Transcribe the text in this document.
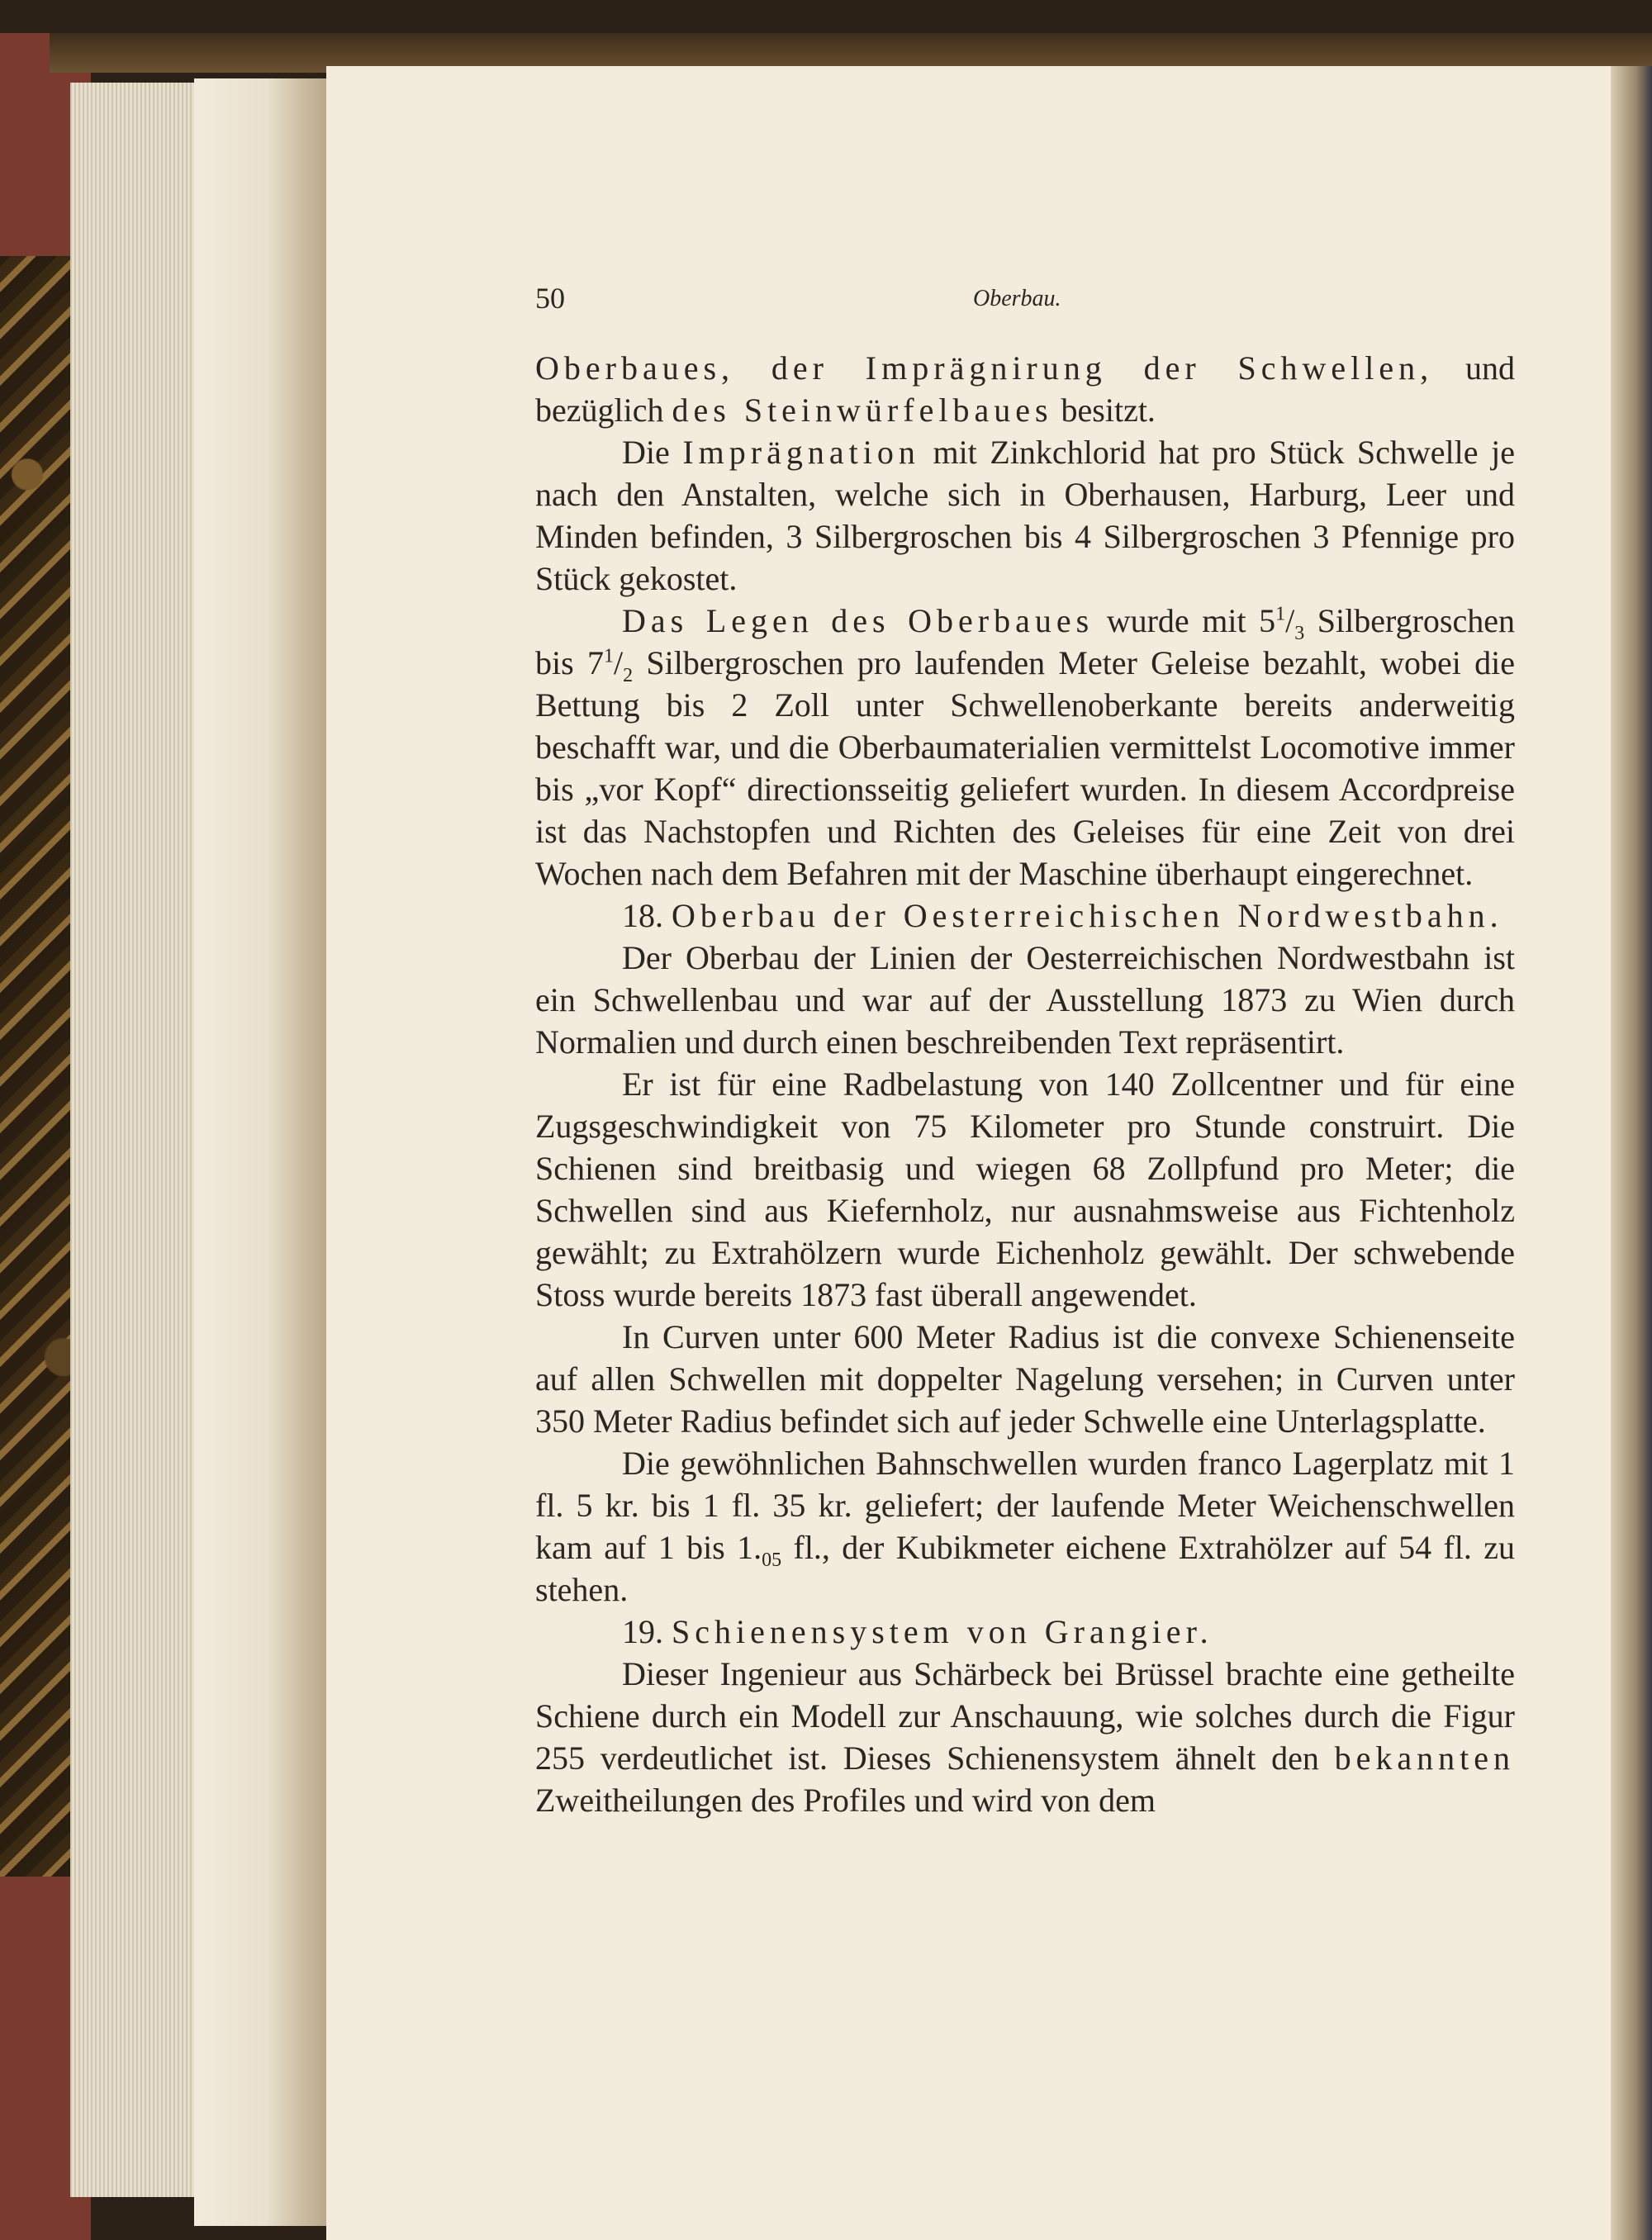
50	Oberbau.

Oberbaues, der Imprägnirung der Schwellen, und bezüglich des Steinwürfelbaues besitzt.

Die Imprägnation mit Zinkchlorid hat pro Stück Schwelle je nach den Anstalten, welche sich in Oberhausen, Harburg, Leer und Minden befinden, 3 Silbergroschen bis 4 Silbergroschen 3 Pfennige pro Stück gekostet.

Das Legen des Oberbaues wurde mit $5^1/_3$ Silbergroschen bis $7^1/_2$ Silbergroschen pro laufenden Meter Geleise bezahlt, wobei die Bettung bis 2 Zoll unter Schwellenoberkante bereits anderweitig beschafft war, und die Oberbaumaterialien vermittelst Locomotive immer bis „vor Kopf“ directionsseitig geliefert wurden. In diesem Accordpreise ist das Nachstopfen und Richten des Geleises für eine Zeit von drei Wochen nach dem Befahren mit der Maschine überhaupt eingerechnet.

18. Oberbau der Oesterreichischen Nordwestbahn.

Der Oberbau der Linien der Oesterreichischen Nordwestbahn ist ein Schwellenbau und war auf der Ausstellung 1873 zu Wien durch Normalien und durch einen beschreibenden Text repräsentirt.

Er ist für eine Radbelastung von 140 Zollcentner und für eine Zugsgeschwindigkeit von 75 Kilometer pro Stunde construirt. Die Schienen sind breitbasig und wiegen 68 Zollpfund pro Meter; die Schwellen sind aus Kiefernholz, nur ausnahmsweise aus Fichtenholz gewählt; zu Extrahölzern wurde Eichenholz gewählt. Der schwebende Stoss wurde bereits 1873 fast überall angewendet.

In Curven unter 600 Meter Radius ist die convexe Schienenseite auf allen Schwellen mit doppelter Nagelung versehen; in Curven unter 350 Meter Radius befindet sich auf jeder Schwelle eine Unterlagsplatte.

Die gewöhnlichen Bahnschwellen wurden franco Lagerplatz mit 1 fl. 5 kr. bis 1 fl. 35 kr. geliefert; der laufende Meter Weichenschwellen kam auf 1 bis $1._{05}$ fl., der Kubikmeter eichene Extrahölzer auf 54 fl. zu stehen.

19. Schienensystem von Grangier.

Dieser Ingenieur aus Schärbeck bei Brüssel brachte eine getheilte Schiene durch ein Modell zur Anschauung, wie solches durch die Figur 255 verdeutlichet ist. Dieses Schienensystem ähnelt den bekannten Zweitheilungen des Profiles und wird von dem
